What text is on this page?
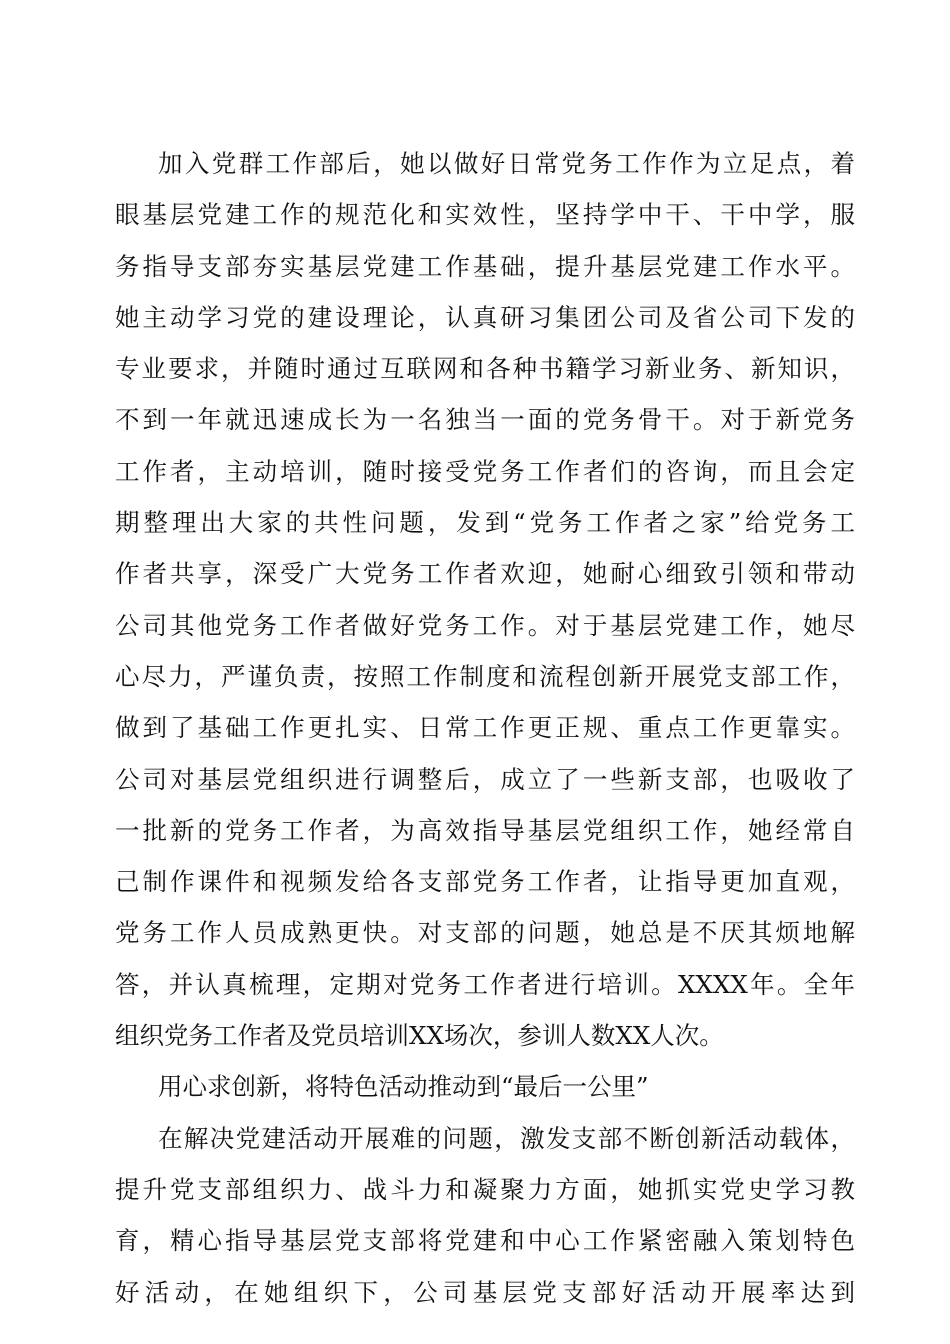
加入党群工作部后，她以做好日常党务工作作为立足点，着
眼基层党建工作的规范化和实效性，坚持学中干、干中学，服
务指导支部夯实基层党建工作基础，提升基层党建工作水平。
她主动学习党的建设理论，认真研习集团公司及省公司下发的
专业要求，并随时通过互联网和各种书籍学习新业务、新知识，
不到一年就迅速成长为一名独当一面的党务骨干。对于新党务
工作者，主动培训，随时接受党务工作者们的咨询，而且会定
期整理出大家的共性问题，发到“党务工作者之家”给党务工
作者共享，深受广大党务工作者欢迎，她耐心细致引领和带动
公司其他党务工作者做好党务工作。对于基层党建工作，她尽
心尽力，严谨负责，按照工作制度和流程创新开展党支部工作，
做到了基础工作更扎实、日常工作更正规、重点工作更靠实。
公司对基层党组织进行调整后，成立了一些新支部，也吸收了
一批新的党务工作者，为高效指导基层党组织工作，她经常自
己制作课件和视频发给各支部党务工作者，让指导更加直观，
党务工作人员成熟更快。对支部的问题，她总是不厌其烦地解
答，并认真梳理，定期对党务工作者进行培训。XXXX年。全年
组织党务工作者及党员培训XX场次，参训人数XX人次。
用心求创新，将特色活动推动到“最后一公里”
在解决党建活动开展难的问题，激发支部不断创新活动载体，
提升党支部组织力、战斗力和凝聚力方面，她抓实党史学习教
育，精心指导基层党支部将党建和中心工作紧密融入策划特色
好活动，在她组织下，公司基层党支部好活动开展率达到
